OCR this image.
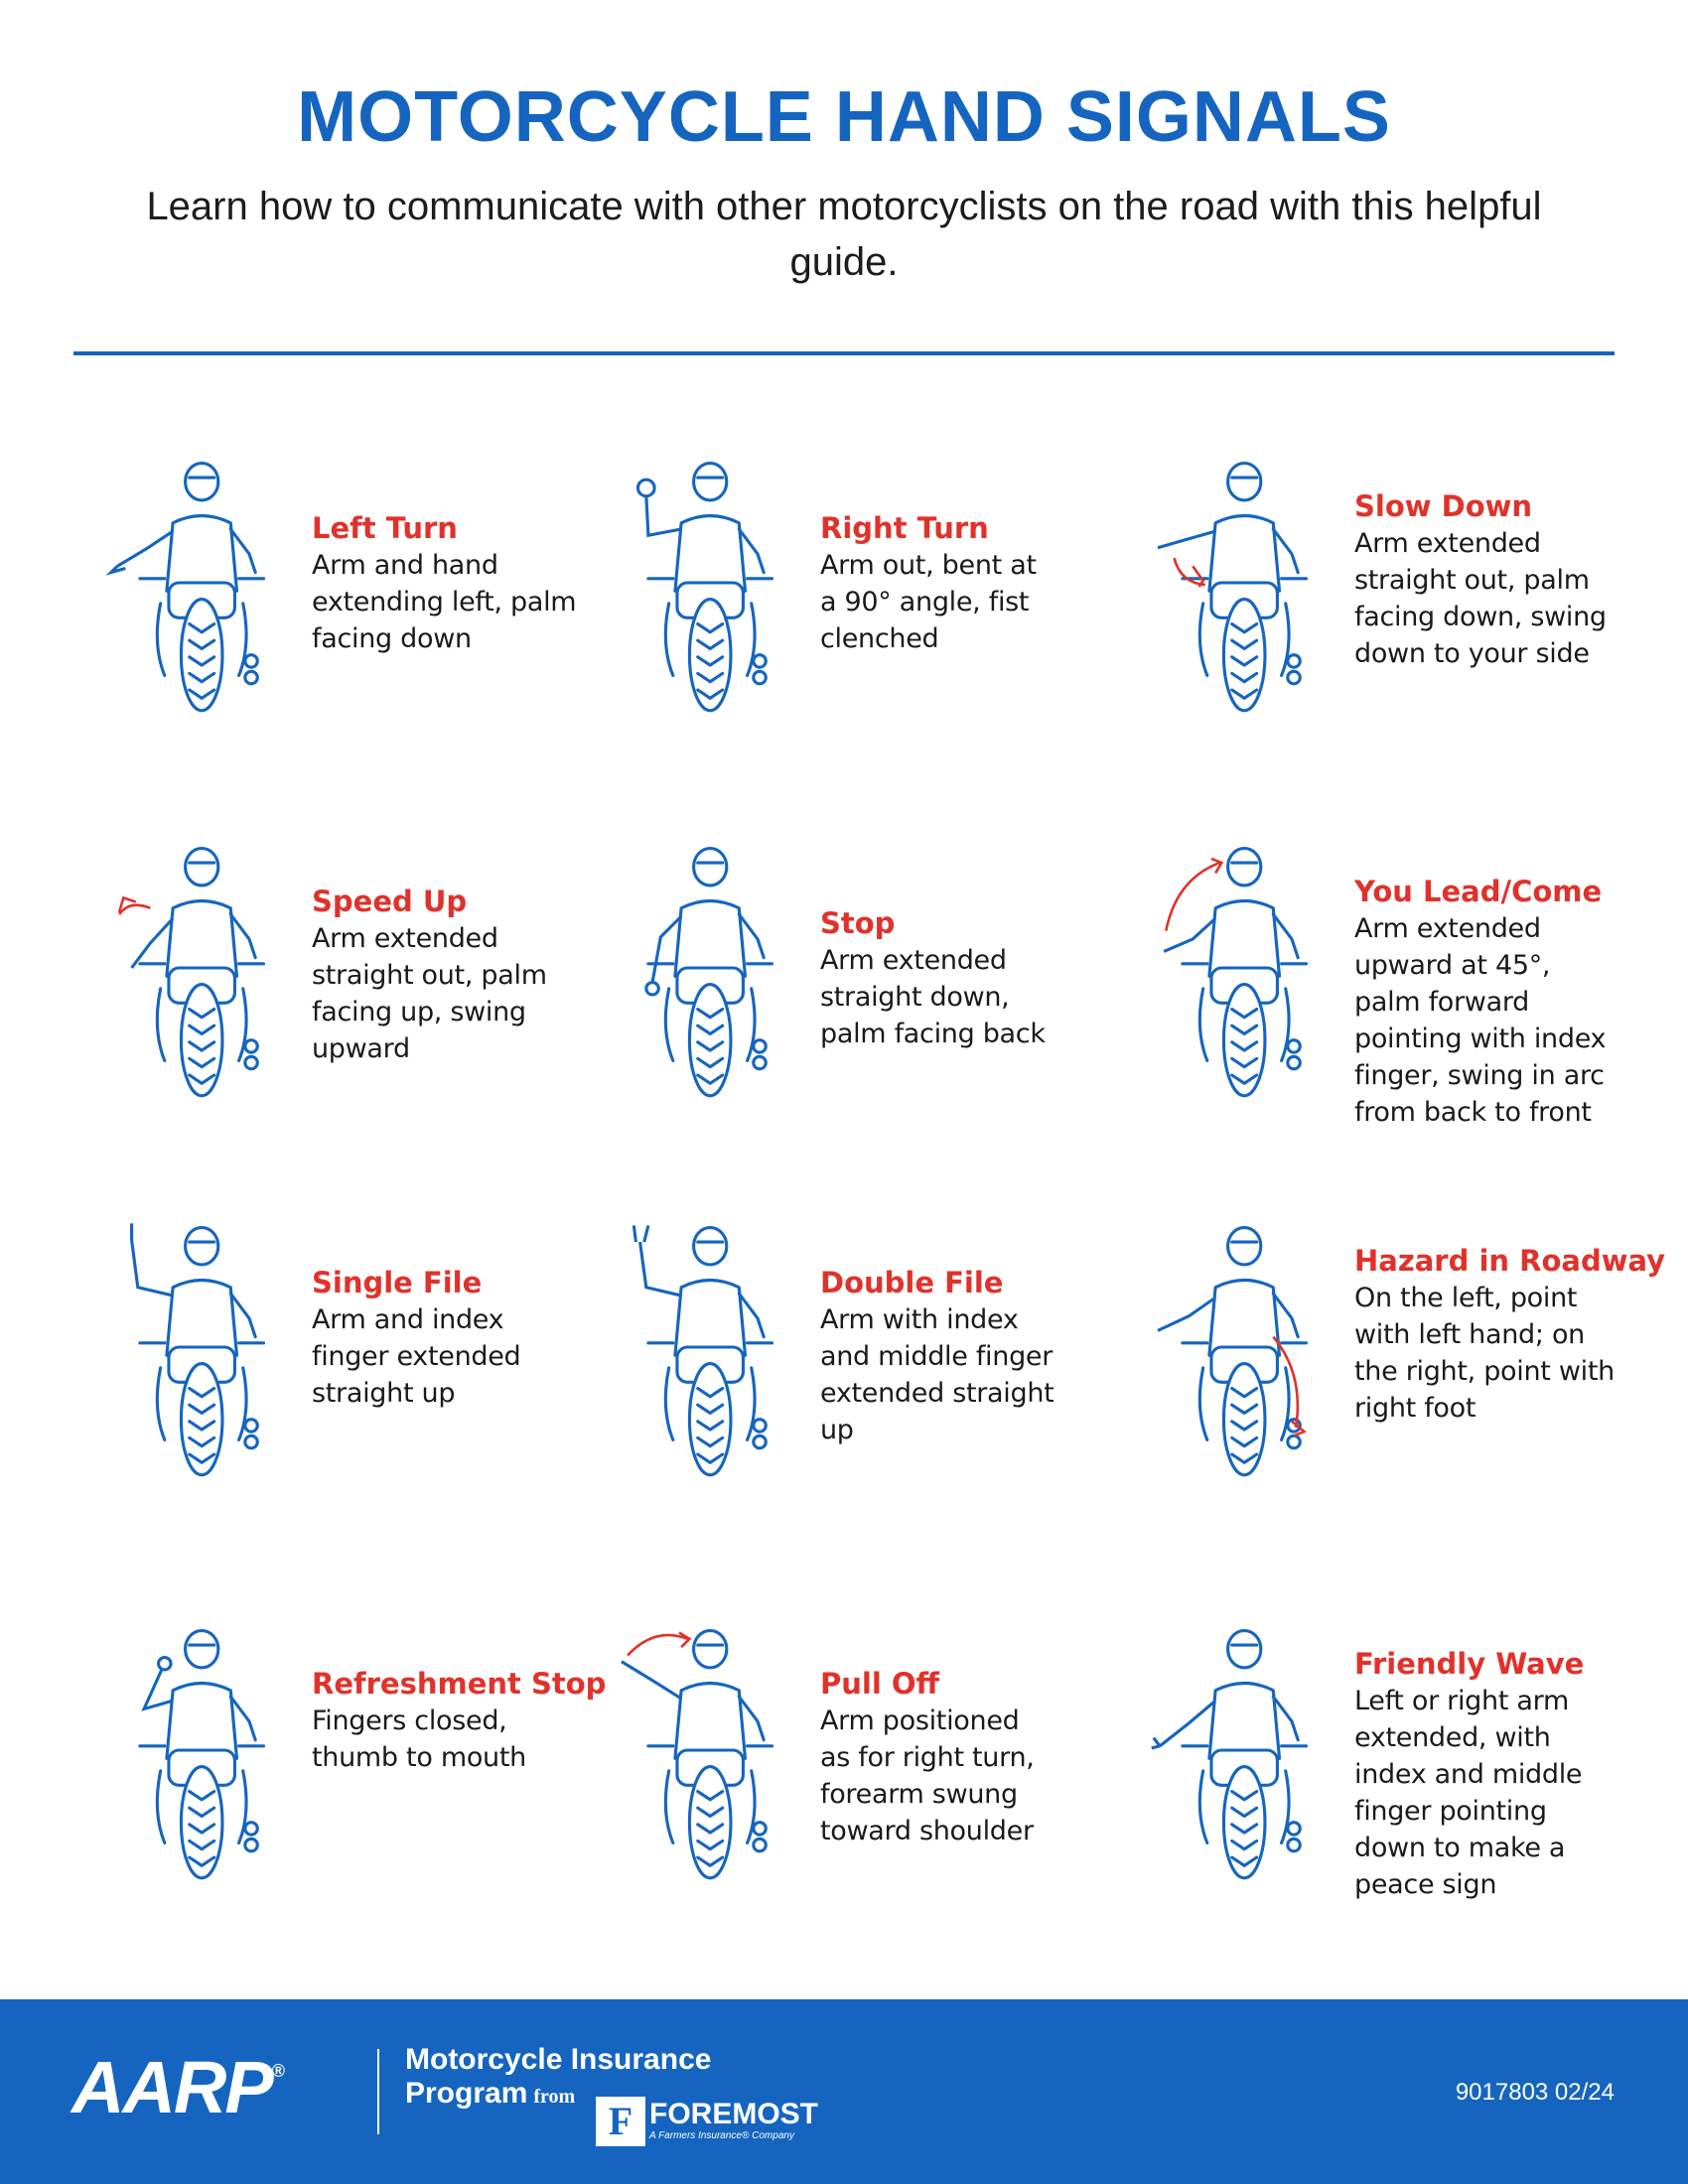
MOTORCYCLE HAND SIGNALS

Learn how to communicate with other motorcyclists on the road with this helpful guide.

Left Turn
Arm and hand
extending left, palm
facing down
Right Turn
Arm out, bent at
a 90° angle, fist
clenched
Slow Down
Arm extended
straight out, palm
facing down, swing
down to your side
Speed Up
Arm extended
straight out, palm
facing up, swing
upward
Stop
Arm extended
straight down,
palm facing back
You Lead/Come
Arm extended
upward at 45°,
palm forward
pointing with index
finger, swing in arc
from back to front
Single File
Arm and index
finger extended
straight up
Double File
Arm with index
and middle finger
extended straight
up
Hazard in Roadway
On the left, point
with left hand; on
the right, point with
right foot
Refreshment Stop
Fingers closed,
thumb to mouth
Pull Off
Arm positioned
as for right turn,
forearm swung
toward shoulder
Friendly Wave
Left or right arm
extended, with
index and middle
finger pointing
down to make a
peace sign
AARP®	Motorcycle Insurance
Program from
F FOREMOST
A Farmers Insurance® Company
9017803 02/24
